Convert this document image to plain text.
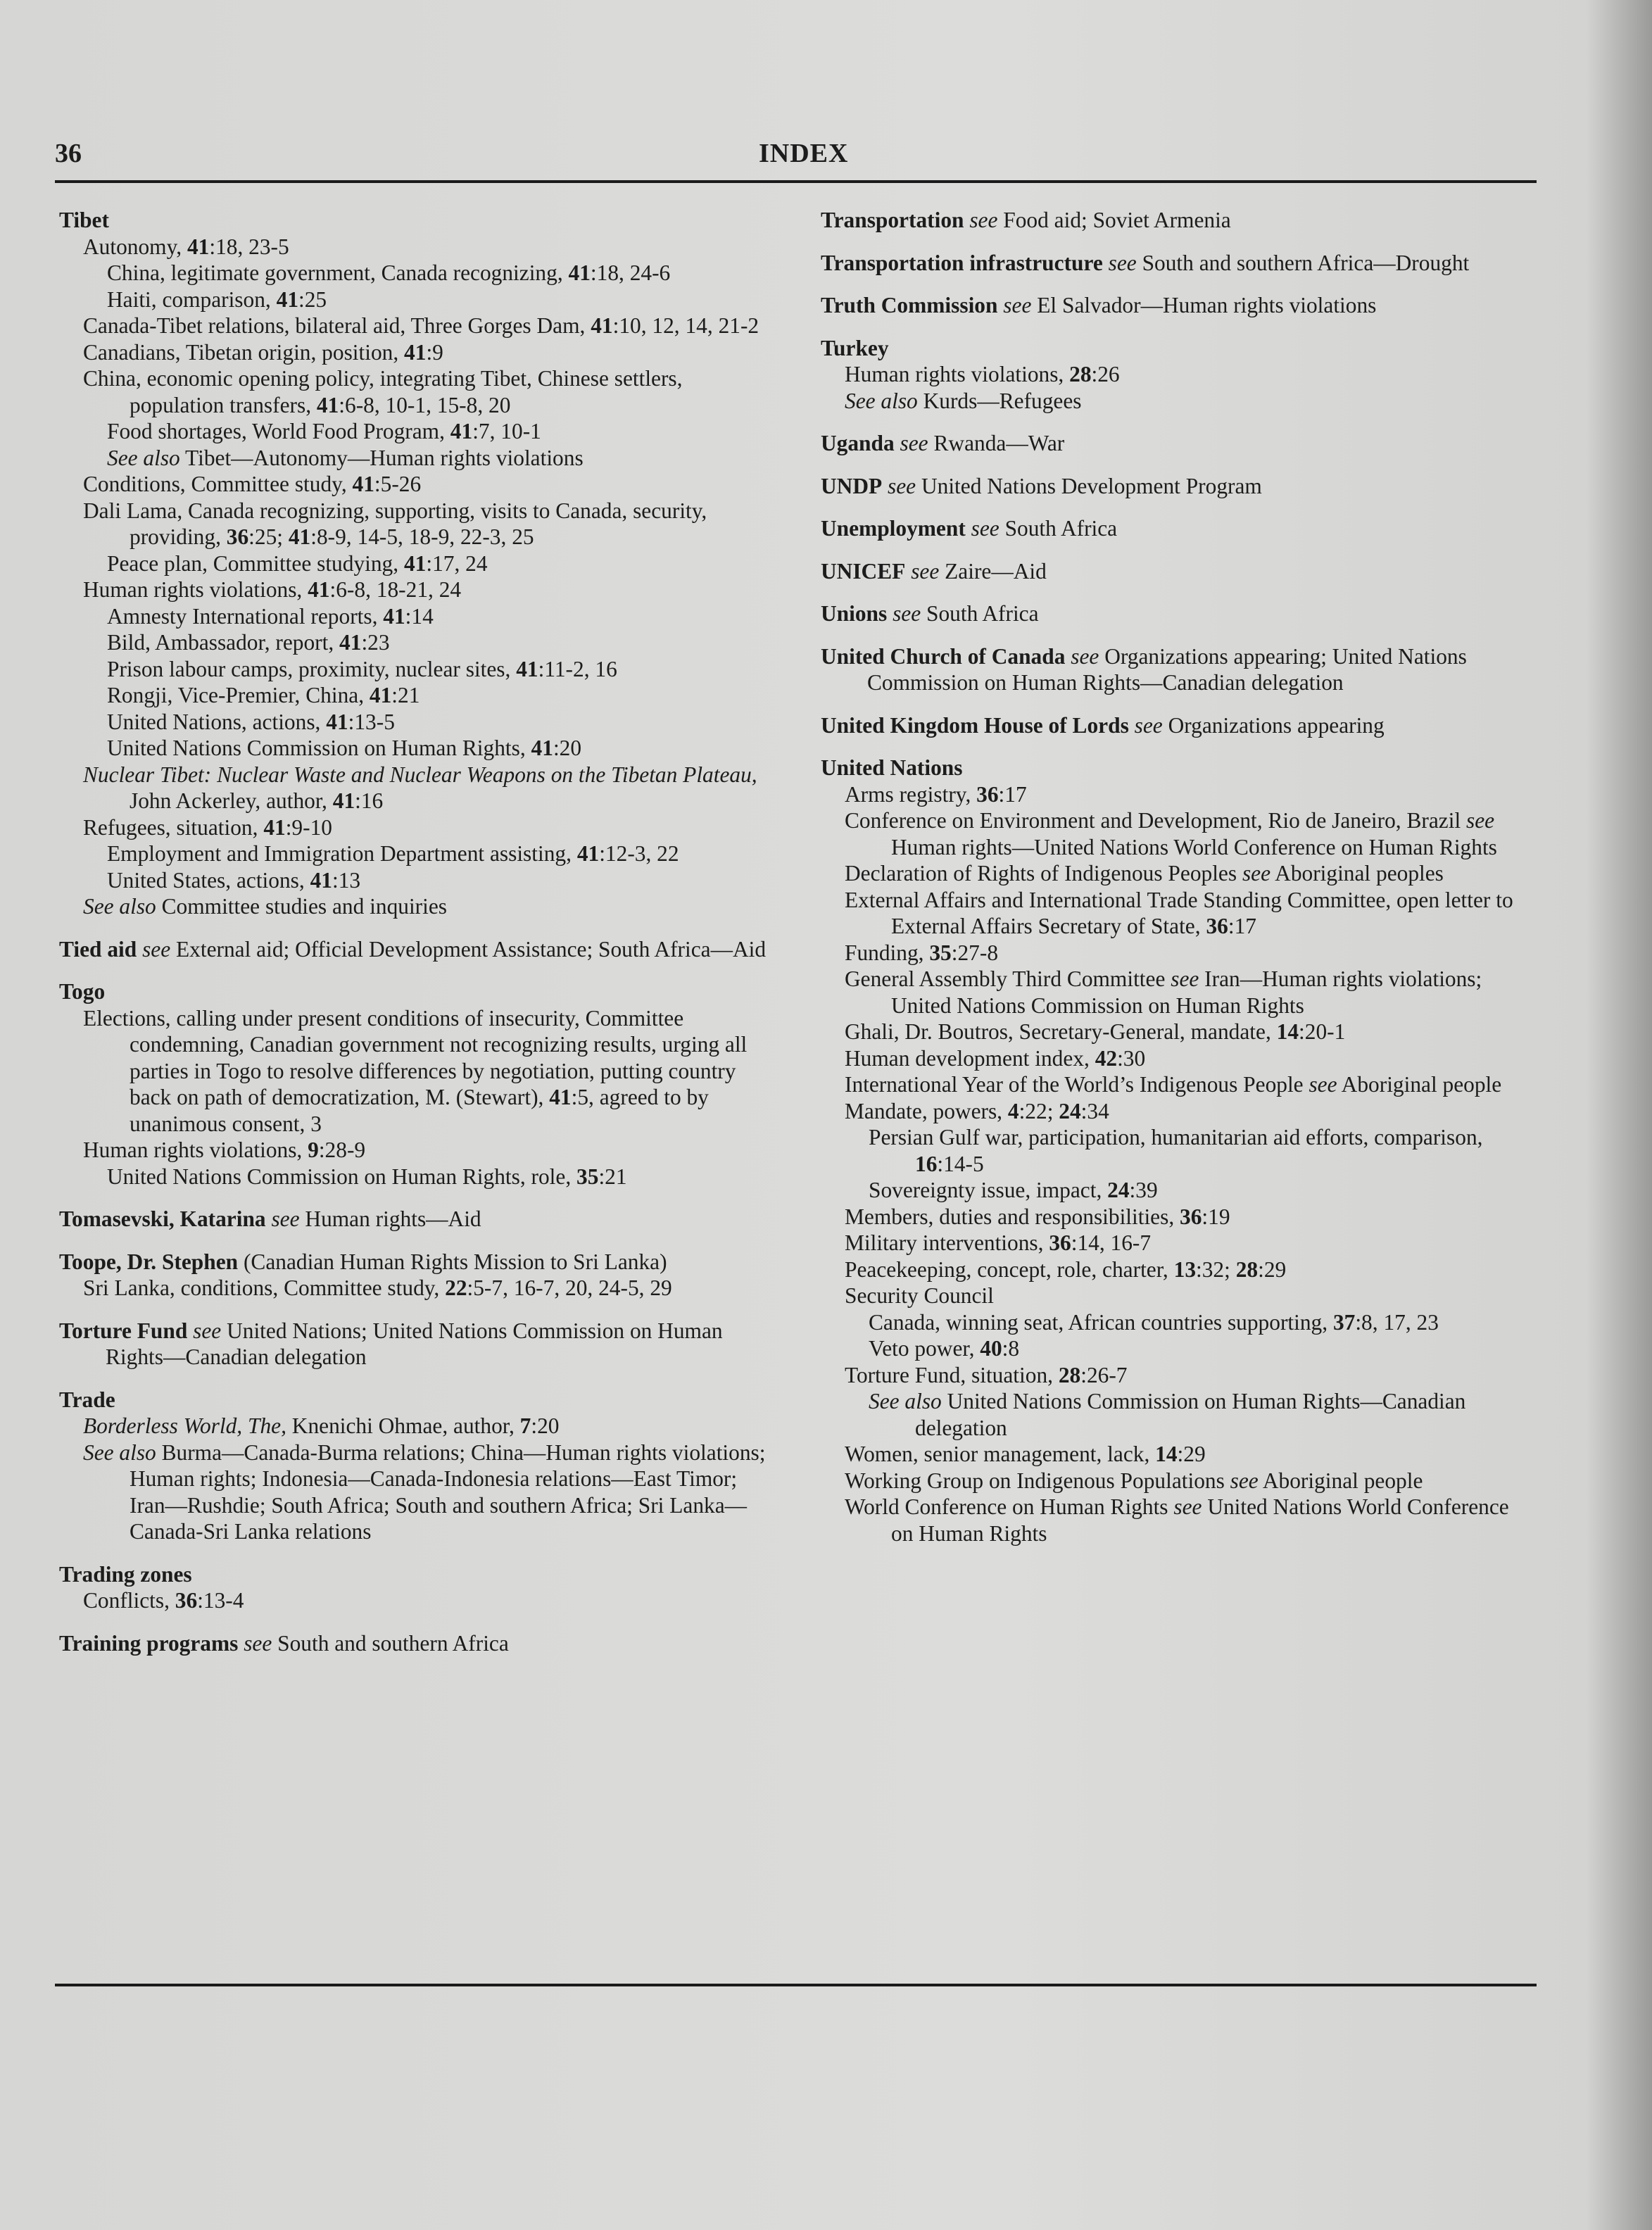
36	INDEX
Tibet
Autonomy, 41:18, 23-5
China, legitimate government, Canada recognizing, 41:18, 24-6
Haiti, comparison, 41:25
Canada-Tibet relations, bilateral aid, Three Gorges Dam, 41:10, 12, 14, 21-2
Canadians, Tibetan origin, position, 41:9
China, economic opening policy, integrating Tibet, Chinese settlers, population transfers, 41:6-8, 10-1, 15-8, 20
Food shortages, World Food Program, 41:7, 10-1
See also Tibet—Autonomy—Human rights violations
Conditions, Committee study, 41:5-26
Dali Lama, Canada recognizing, supporting, visits to Canada, security, providing, 36:25; 41:8-9, 14-5, 18-9, 22-3, 25
Peace plan, Committee studying, 41:17, 24
Human rights violations, 41:6-8, 18-21, 24
Amnesty International reports, 41:14
Bild, Ambassador, report, 41:23
Prison labour camps, proximity, nuclear sites, 41:11-2, 16
Rongji, Vice-Premier, China, 41:21
United Nations, actions, 41:13-5
United Nations Commission on Human Rights, 41:20
Nuclear Tibet: Nuclear Waste and Nuclear Weapons on the Tibetan Plateau, John Ackerley, author, 41:16
Refugees, situation, 41:9-10
Employment and Immigration Department assisting, 41:12-3, 22
United States, actions, 41:13
See also Committee studies and inquiries
Tied aid see External aid; Official Development Assistance; South Africa—Aid
Togo
Elections, calling under present conditions of insecurity, Committee condemning, Canadian government not recognizing results, urging all parties in Togo to resolve differences by negotiation, putting country back on path of democratization, M. (Stewart), 41:5, agreed to by unanimous consent, 3
Human rights violations, 9:28-9
United Nations Commission on Human Rights, role, 35:21
Tomasevski, Katarina see Human rights—Aid
Toope, Dr. Stephen (Canadian Human Rights Mission to Sri Lanka)
Sri Lanka, conditions, Committee study, 22:5-7, 16-7, 20, 24-5, 29
Torture Fund see United Nations; United Nations Commission on Human Rights—Canadian delegation
Trade
Borderless World, The, Knenichi Ohmae, author, 7:20
See also Burma—Canada-Burma relations; China—Human rights violations; Human rights; Indonesia—Canada-Indonesia relations—East Timor; Iran—Rushdie; South Africa; South and southern Africa; Sri Lanka—Canada-Sri Lanka relations
Trading zones
Conflicts, 36:13-4
Training programs see South and southern Africa
Transportation see Food aid; Soviet Armenia
Transportation infrastructure see South and southern Africa—Drought
Truth Commission see El Salvador—Human rights violations
Turkey
Human rights violations, 28:26
See also Kurds—Refugees
Uganda see Rwanda—War
UNDP see United Nations Development Program
Unemployment see South Africa
UNICEF see Zaire—Aid
Unions see South Africa
United Church of Canada see Organizations appearing; United Nations Commission on Human Rights—Canadian delegation
United Kingdom House of Lords see Organizations appearing
United Nations
Arms registry, 36:17
Conference on Environment and Development, Rio de Janeiro, Brazil see Human rights—United Nations World Conference on Human Rights
Declaration of Rights of Indigenous Peoples see Aboriginal peoples
External Affairs and International Trade Standing Committee, open letter to External Affairs Secretary of State, 36:17
Funding, 35:27-8
General Assembly Third Committee see Iran—Human rights violations; United Nations Commission on Human Rights
Ghali, Dr. Boutros, Secretary-General, mandate, 14:20-1
Human development index, 42:30
International Year of the World’s Indigenous People see Aboriginal people
Mandate, powers, 4:22; 24:34
Persian Gulf war, participation, humanitarian aid efforts, comparison, 16:14-5
Sovereignty issue, impact, 24:39
Members, duties and responsibilities, 36:19
Military interventions, 36:14, 16-7
Peacekeeping, concept, role, charter, 13:32; 28:29
Security Council
Canada, winning seat, African countries supporting, 37:8, 17, 23
Veto power, 40:8
Torture Fund, situation, 28:26-7
See also United Nations Commission on Human Rights—Canadian delegation
Women, senior management, lack, 14:29
Working Group on Indigenous Populations see Aboriginal people
World Conference on Human Rights see United Nations World Conference on Human Rights
